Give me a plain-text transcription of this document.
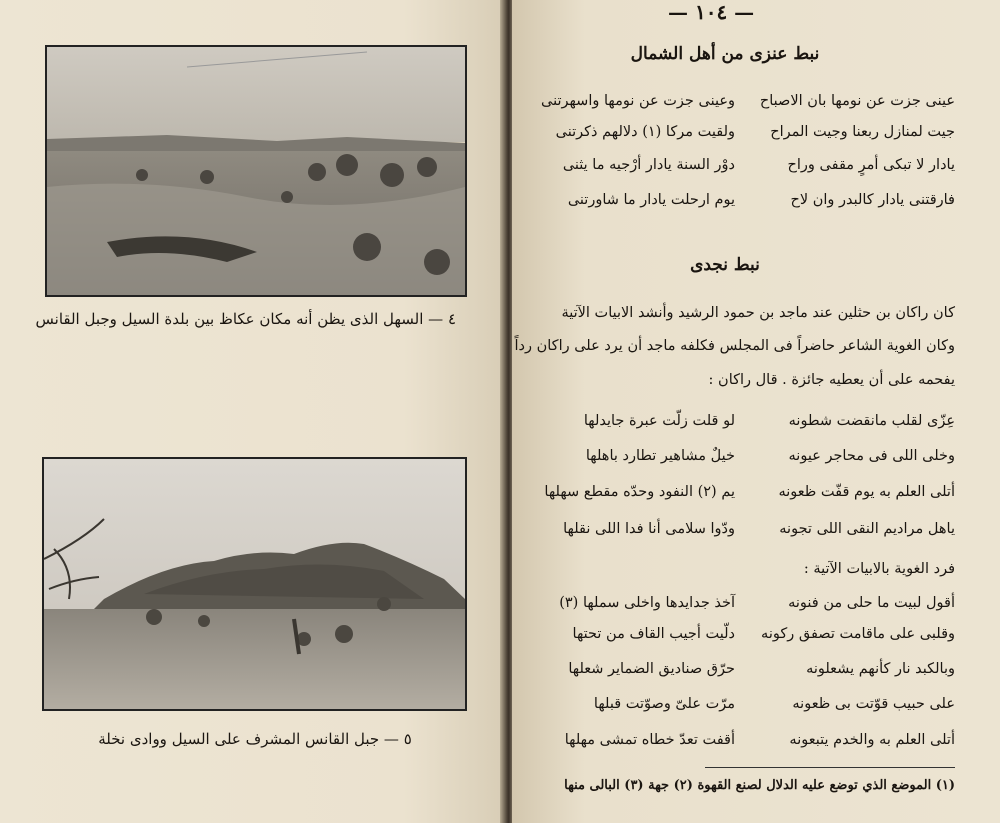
٤ — السهل الذى يظن أنه مكان عكاظ بين بلدة السيل وجبل القانس
٥ — جبل القانس المشرف على السيل ووادى نخلة
— ١٠٤ —
نبط عنزى من أهل الشمال
عينى جزت عن نومها بان الاصباح
وعينى جزت عن نومها واسهرتنى
جيت لمنازل ربعنا وجيت المراح
ولقيت مركا (١) دلالهم ذكرتنى
يادار لا تبكى أمرٍ مقفى وراح
دوْر السنة يادار أرْجيه ما يثنى
فارقتنى يادار كالبدر وان لاح
يوم ارحلت يادار ما شاورتنى
نبط نجدى
كان راكان بن حثلين عند ماجد بن حمود الرشيد وأنشد الابيات الآتية
وكان الغوية الشاعر حاضراً فى المجلس فكلفه ماجد أن يرد على راكان رداً
يفحمه على أن يعطيه جائزة . قال راكان :
عِزّى لقلب مانقضت شطونه
لو قلت زلّت عبرة جايدلها
وخلى اللى فى محاجر عيونه
خيلٌ مشاهير تطارد باهلها
أتلى العلم به يوم قفّت ظعونه
يم (٢) النفود وحدّه مقطع سهلها
ياهل مراديم النقى اللى تجونه
ودّوا سلامى أنا فدا اللى نقلها
فرد الغوية بالابيات الآتية :
أقول لبيت ما حلى من فنونه
آخذ جدايدها واخلى سملها (٣)
وقلبى على ماقامت تصفق ركونه
دلّيت أجيب القاف من تحتها
وبالكبد نار كأنهم يشعلونه
حرّق صناديق الضماير شعلها
على حبيب قوّتت بى ظعونه
مرّت علىّ وصوّتت قبلها
أتلى العلم به والخدم يتبعونه
أقفت تعدّ خطاه تمشى مهلها
(١) الموضع الذي توضع عليه الدلال لصنع القهوة (٢) جهة (٣) البالى منها
